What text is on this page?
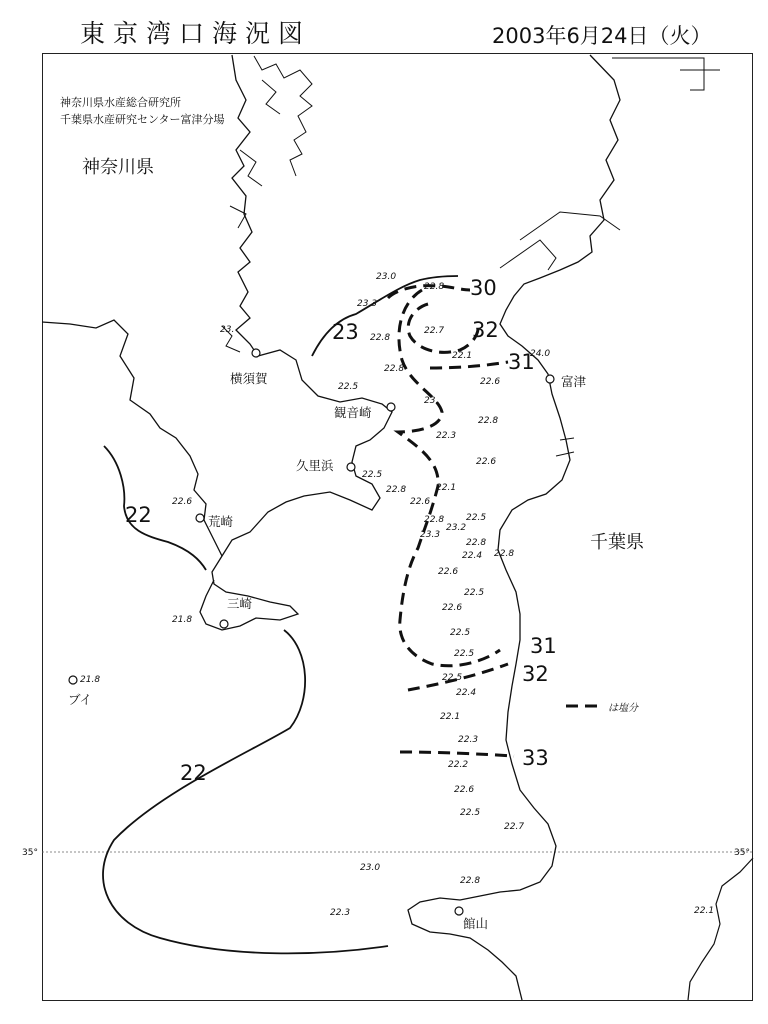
東京湾口海況図	2003年6月24日（火）
神奈川県水産総合研究所
千葉県水産研究センター富津分場
神奈川県
千葉県
横須賀
観音崎
久里浜
荒崎
三崎
富津
館山
ブイ
22
22
23
30
32
31
31
32
33
は塩分
35°	35°
23.0
23.3
23.
22.8
22.7
22.8
22.1
22.6
22.5
22.8
23.
22.8
22.3
22.6
22.5
22.8
22.6
22.1
22.8 22.5
23.3
23.2
22.8
22.4 22.8
22.6
22.5
22.6
22.5
22.5
22.5
22.4
22.1
22.3
22.2
22.6
22.5
22.7
23.0
22.8
22.3
24.0
22.1
21.8
21.8
22.6
